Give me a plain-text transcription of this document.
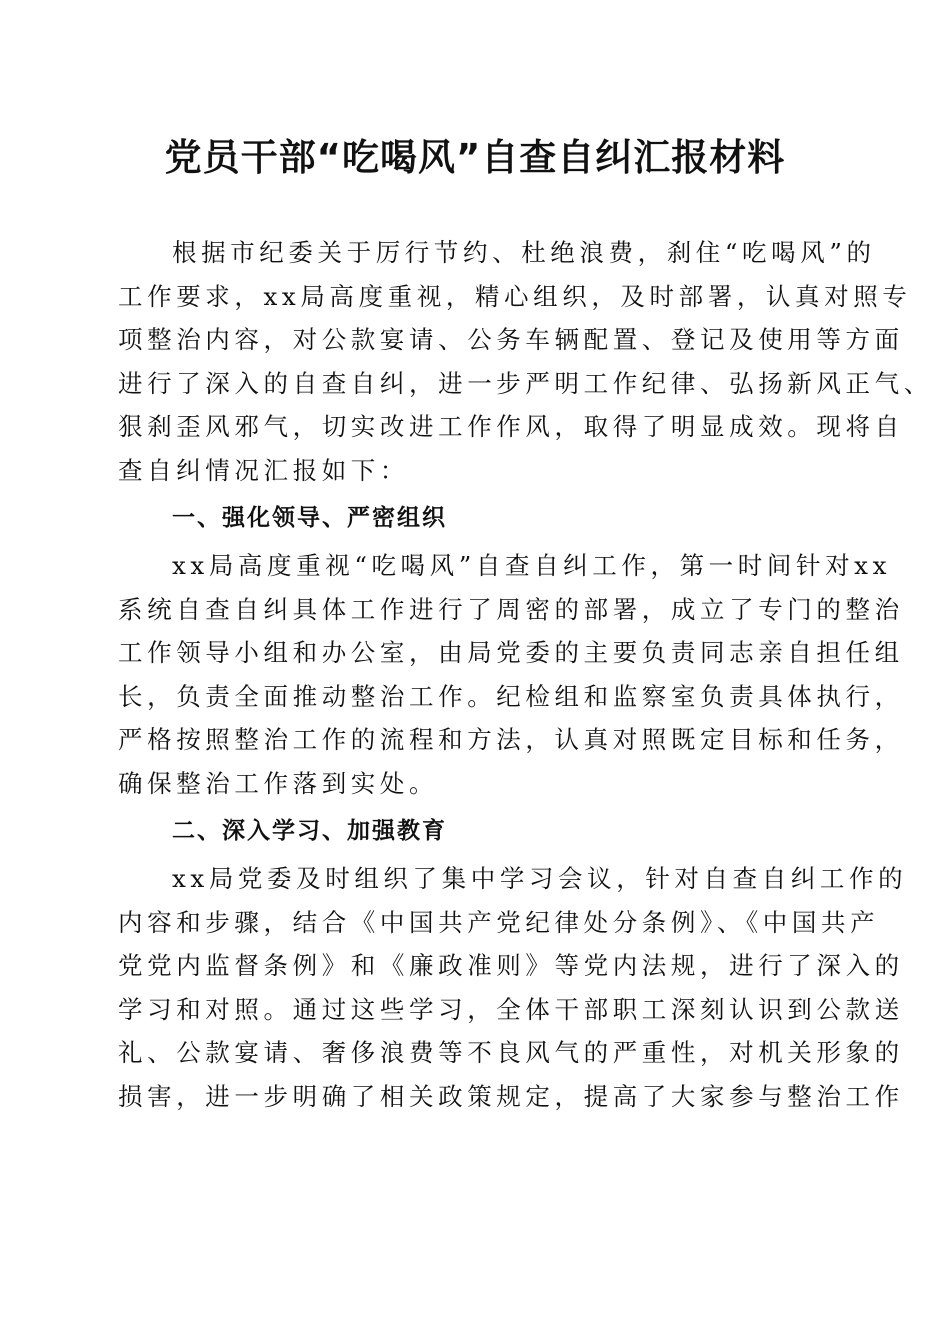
党员干部“吃喝风”自查自纠汇报材料
根据市纪委关于厉行节约、杜绝浪费，刹住“吃喝风”的
工作要求，xx局高度重视，精心组织，及时部署，认真对照专
项整治内容，对公款宴请、公务车辆配置、登记及使用等方面
进行了深入的自查自纠，进一步严明工作纪律、弘扬新风正气、
狠刹歪风邪气，切实改进工作作风，取得了明显成效。现将自
查自纠情况汇报如下：
一、强化领导、严密组织
xx局高度重视“吃喝风”自查自纠工作，第一时间针对xx
系统自查自纠具体工作进行了周密的部署，成立了专门的整治
工作领导小组和办公室，由局党委的主要负责同志亲自担任组
长，负责全面推动整治工作。纪检组和监察室负责具体执行，
严格按照整治工作的流程和方法，认真对照既定目标和任务，
确保整治工作落到实处。
二、深入学习、加强教育
xx局党委及时组织了集中学习会议，针对自查自纠工作的
内容和步骤，结合《中国共产党纪律处分条例》、《中国共产
党党内监督条例》和《廉政准则》等党内法规，进行了深入的
学习和对照。通过这些学习，全体干部职工深刻认识到公款送
礼、公款宴请、奢侈浪费等不良风气的严重性，对机关形象的
损害，进一步明确了相关政策规定，提高了大家参与整治工作
